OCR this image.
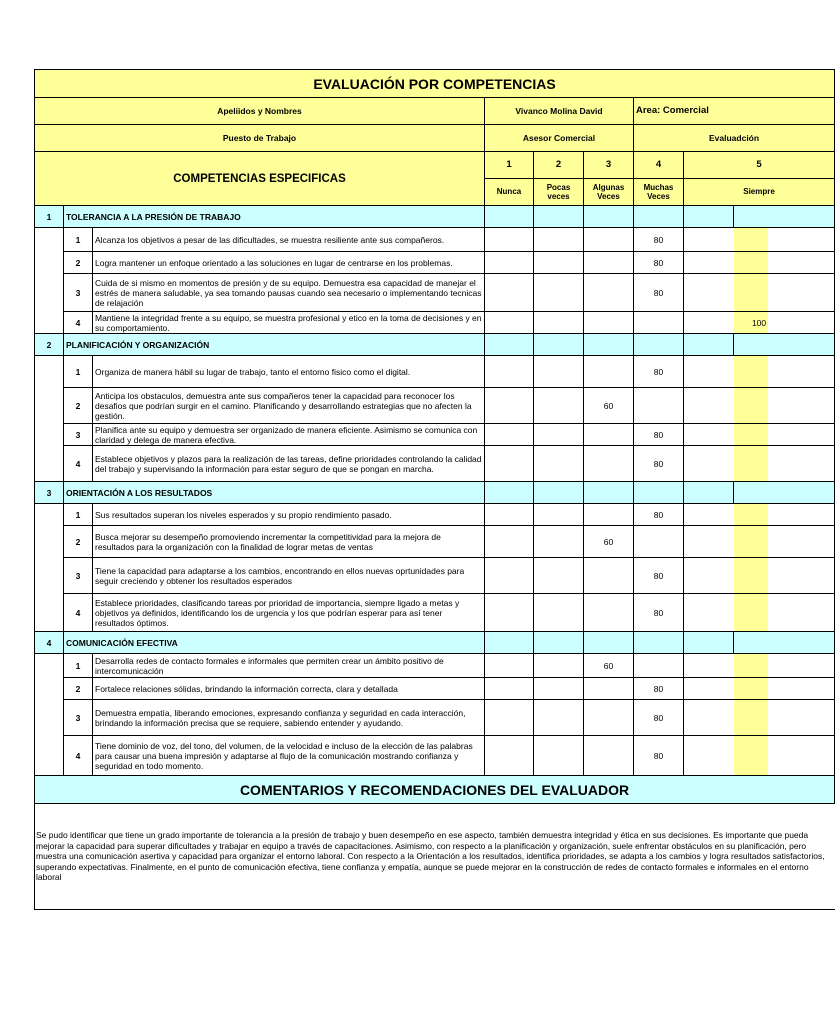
EVALUACIÓN POR COMPETENCIAS								
Apeliidos y Nombres			Vivanco Molina David			Area: Comercial		
Puesto de Trabajo			Asesor Comercial			Evaluadción		
COMPETENCIAS ESPECIFICAS			1	2	3	4	5	
			Nunca	Pocas veces	Algunas Veces	Muchas Veces	Siempre	
1	TOLERANCIA A LA PRESIÓN DE TRABAJO							
	1	Alcanza los objetivos a pesar de las dificultades, se muestra resiliente ante sus compañeros.				80		
	2	Logra mantener un enfoque orientado a las soluciones en lugar de centrarse en los problemas.				80		
	3	Cuida de si mismo en momentos de presión y de su equipo. Demuestra esa capacidad de manejar el estrés de manera saludable, ya sea tomando pausas cuando sea necesario o implementando tecnicas de relajación				80		
	4	Mantiene la integridad frente a su equipo, se muestra profesional y etico en la toma de decisiones y en su comportamiento.					100	
2	PLANIFICACIÓN Y ORGANIZACIÓN							
	1	Organiza de manera hábil su lugar de trabajo, tanto el entorno fisico como el digital.				80		
	2	Anticipa los obstaculos, demuestra ante sus compañeros tener la capacidad para reconocer los desafios que podrían surgir en el camino. Planificando y desarrollando estrategias que no afecten la gestión.			60			
	3	Planifica ante su equipo y demuestra ser organizado de manera eficiente. Asimismo se comunica con claridad y delega de manera efectiva.				80		
	4	Establece objetivos y plazos para la realización de las tareas, define prioridades controlando la calidad del trabajo y supervisando la información para estar seguro de que se pongan en marcha.				80		
3	ORIENTACIÓN A LOS RESULTADOS							
	1	Sus resultados superan los niveles esperados y su propio rendimiento pasado.				80		
	2	Busca mejorar su desempeño promoviendo incrementar la competitividad para la mejora de resultados para la organización con la finalidad de lograr metas de ventas			60			
	3	Tiene la capacidad para adaptarse a los cambios, encontrando en ellos nuevas oprtunidades para seguir creciendo y obtener los resultados esperados				80		
	4	Establece prioridades, clasificando tareas por prioridad de importancia, siempre ligado a metas y objetivos ya definidos, identificando los de urgencia y los que podrían esperar para así tener resultados óptimos.				80		
4	COMUNICACIÓN EFECTIVA							
	1	Desarrolla redes de contacto formales e informales que permiten crear un ámbito positivo de intercomunicación			60			
	2	Fortalece relaciones sólidas, brindando la información correcta, clara y detallada				80		
	3	Demuestra empatía, liberando emociones, expresando confianza y seguridad en cada interacción, brindando la información precisa que se requiere, sabiendo entender y ayudando.				80		
	4	Tiene dominio de voz, del tono, del volumen, de la velocidad e incluso de la elección de las palabras para causar una buena impresión y adaptarse al flujo de la comunicación mostrando confianza y seguridad en todo momento.				80		
COMENTARIOS Y RECOMENDACIONES DEL EVALUADOR								
Se pudo identificar que tiene un grado importante de tolerancia a la presión de trabajo y buen desempeño en ese aspecto, también demuestra integridad y ética en sus decisiones. Es importante que pueda mejorar la capacidad para superar dificultades y trabajar en equipo a través de capacitaciones. Asimismo, con respecto a la planificación y organización, suele enfrentar obstáculos en su planificación, pero muestra una comunicación asertiva y capacidad para organizar el entorno laboral. Con respecto a la Orientación a los resultados, identifica prioridades, se adapta a los cambios y logra resultados satisfactorios, superando expectativas. Finalmente, en el punto de comunicación efectiva, tiene confianza y empatía, aunque se puede mejorar en la construcción de redes de contacto formales e informales en el entorno laboral								
